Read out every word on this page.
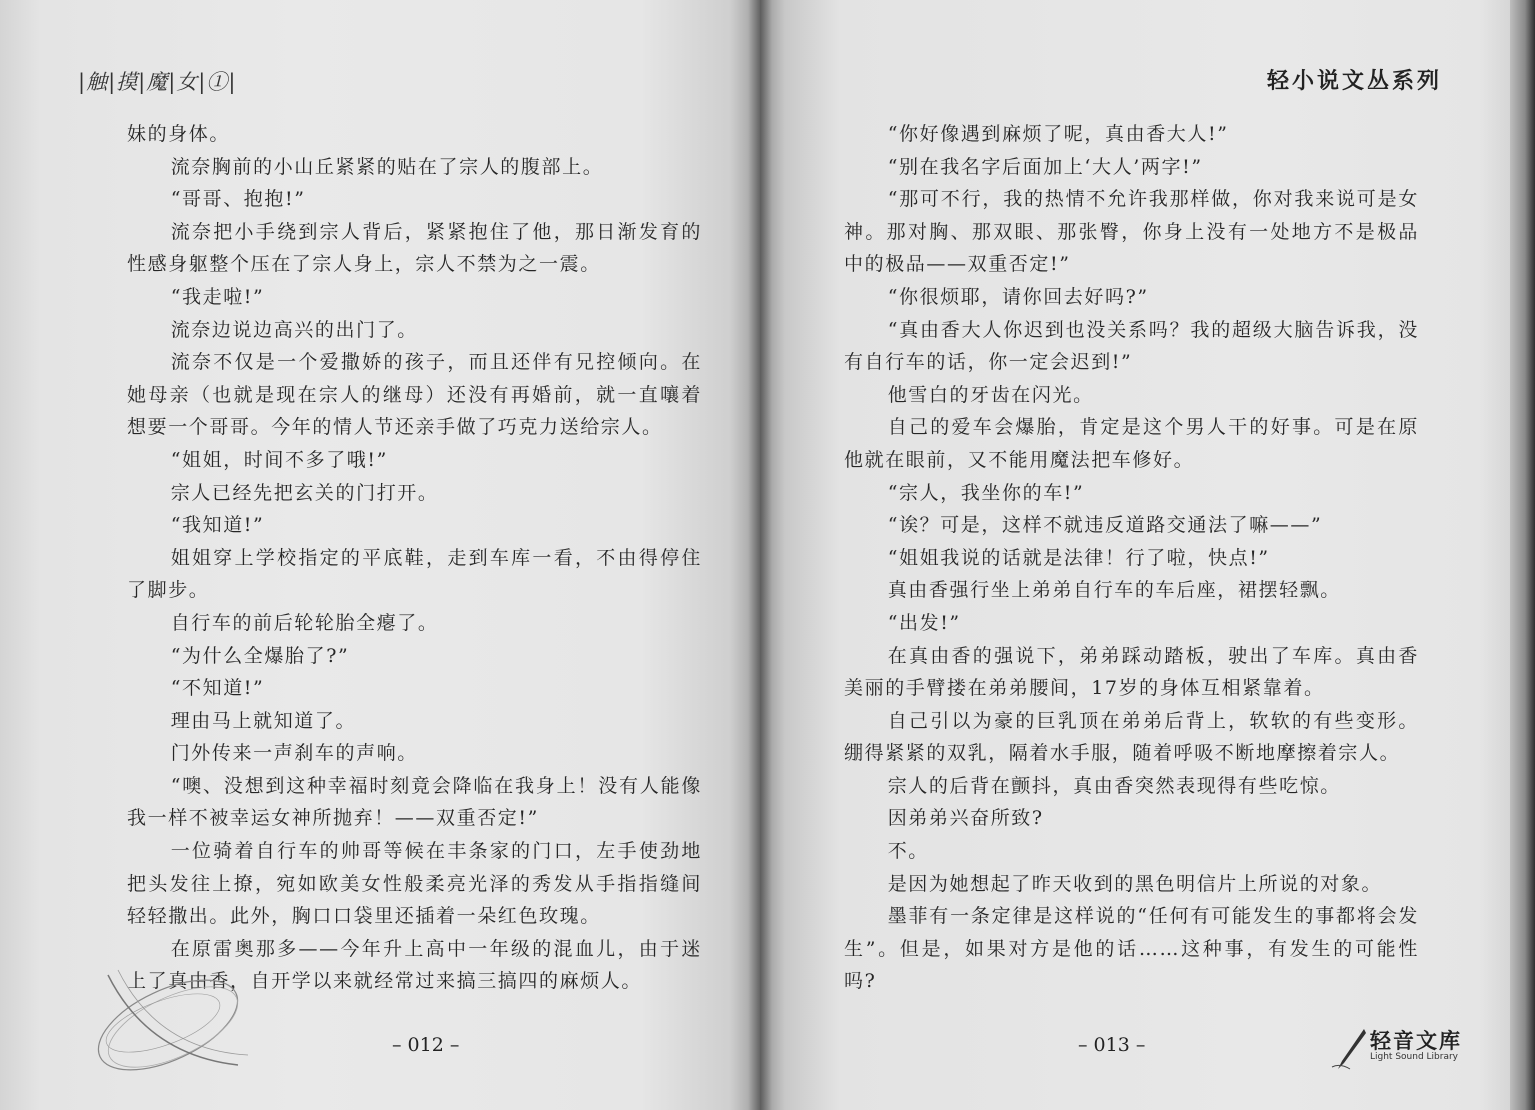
|触|摸|魔|女|①|

妹的身体。

流奈胸前的小山丘紧紧的贴在了宗人的腹部上。

“哥哥、抱抱!”

流奈把小手绕到宗人背后，紧紧抱住了他，那日渐发育的性感身躯整个压在了宗人身上，宗人不禁为之一震。

“我走啦!”

流奈边说边高兴的出门了。

流奈不仅是一个爱撒娇的孩子，而且还伴有兄控倾向。在她母亲（也就是现在宗人的继母）还没有再婚前，就一直嚷着想要一个哥哥。今年的情人节还亲手做了巧克力送给宗人。

“姐姐，时间不多了哦!”

宗人已经先把玄关的门打开。

“我知道!”

姐姐穿上学校指定的平底鞋，走到车库一看，不由得停住了脚步。

自行车的前后轮轮胎全瘪了。

“为什么全爆胎了?”

“不知道!”

理由马上就知道了。

门外传来一声刹车的声响。

“噢、没想到这种幸福时刻竟会降临在我身上！没有人能像我一样不被幸运女神所抛弃！——双重否定!”

一位骑着自行车的帅哥等候在丰条家的门口，左手使劲地把头发往上撩，宛如欧美女性般柔亮光泽的秀发从手指指缝间轻轻撒出。此外，胸口口袋里还插着一朵红色玫瑰。

在原雷奥那多——今年升上高中一年级的混血儿，由于迷上了真由香，自开学以来就经常过来搞三搞四的麻烦人。

– 012 –
轻小说文丛系列

“你好像遇到麻烦了呢，真由香大人!”

“别在我名字后面加上‘大人’两字!”

“那可不行，我的热情不允许我那样做，你对我来说可是女神。那对胸、那双眼、那张臀，你身上没有一处地方不是极品中的极品——双重否定!”

“你很烦耶，请你回去好吗?”

“真由香大人你迟到也没关系吗？我的超级大脑告诉我，没有自行车的话，你一定会迟到!”

他雪白的牙齿在闪光。

自己的爱车会爆胎，肯定是这个男人干的好事。可是在原他就在眼前，又不能用魔法把车修好。

“宗人，我坐你的车!”

“诶？可是，这样不就违反道路交通法了嘛——”

“姐姐我说的话就是法律！行了啦，快点!”

真由香强行坐上弟弟自行车的车后座，裙摆轻飘。

“出发!”

在真由香的强说下，弟弟踩动踏板，驶出了车库。真由香美丽的手臂搂在弟弟腰间，17岁的身体互相紧靠着。

自己引以为豪的巨乳顶在弟弟后背上，软软的有些变形。绷得紧紧的双乳，隔着水手服，随着呼吸不断地摩擦着宗人。

宗人的后背在颤抖，真由香突然表现得有些吃惊。

因弟弟兴奋所致?

不。

是因为她想起了昨天收到的黑色明信片上所说的对象。

墨菲有一条定律是这样说的“任何有可能发生的事都将会发生”。但是，如果对方是他的话……这种事，有发生的可能性吗?

– 013 –	轻音文库
Light Sound Library
